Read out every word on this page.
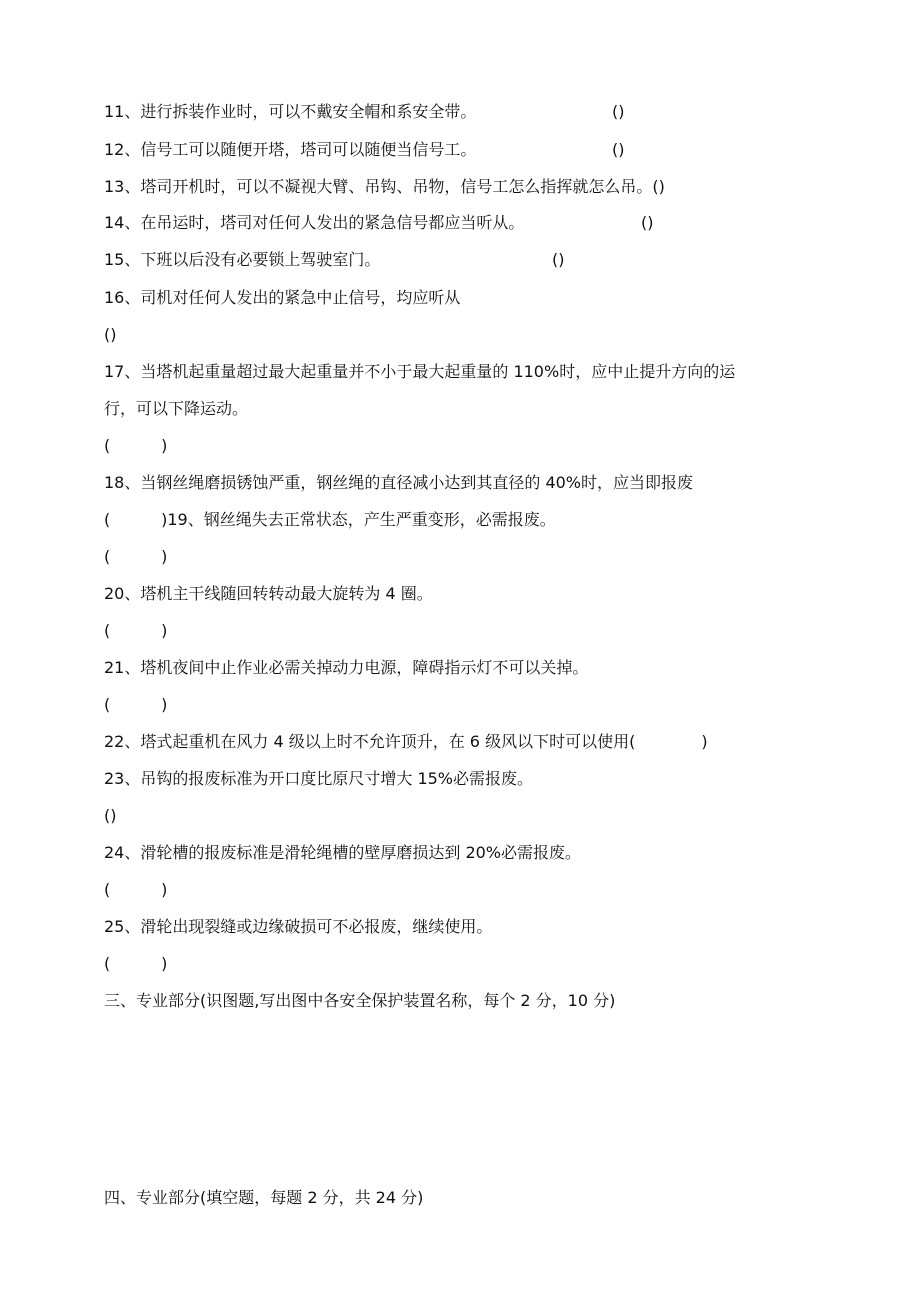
11、进行拆装作业时，可以不戴安全帽和系安全带。	()
12、信号工可以随便开塔，塔司可以随便当信号工。	()
13、塔司开机时，可以不凝视大臂、吊钩、吊物，信号工怎么指挥就怎么吊。()
14、在吊运时，塔司对任何人发出的紧急信号都应当听从。	()
15、下班以后没有必要锁上驾驶室门。	()
16、司机对任何人发出的紧急中止信号，均应听从
()
17、当塔机起重量超过最大起重量并不小于最大起重量的 110%时，应中止提升方向的运
行，可以下降运动。
(          )
18、当钢丝绳磨损锈蚀严重，钢丝绳的直径减小达到其直径的 40%时，应当即报废
(          )19、钢丝绳失去正常状态，产生严重变形，必需报废。
(          )
20、塔机主干线随回转转动最大旋转为 4 圈。
(          )
21、塔机夜间中止作业必需关掉动力电源，障碍指示灯不可以关掉。
(          )
22、塔式起重机在风力 4 级以上时不允许顶升，在 6 级风以下时可以使用(             )
23、吊钩的报废标准为开口度比原尺寸增大 15%必需报废。
()
24、滑轮槽的报废标准是滑轮绳槽的壁厚磨损达到 20%必需报废。
(          )
25、滑轮出现裂缝或边缘破损可不必报废，继续使用。
(          )
三、专业部分(识图题,写出图中各安全保护装置名称，每个 2 分，10 分)
四、专业部分(填空题，每题 2 分，共 24 分)
